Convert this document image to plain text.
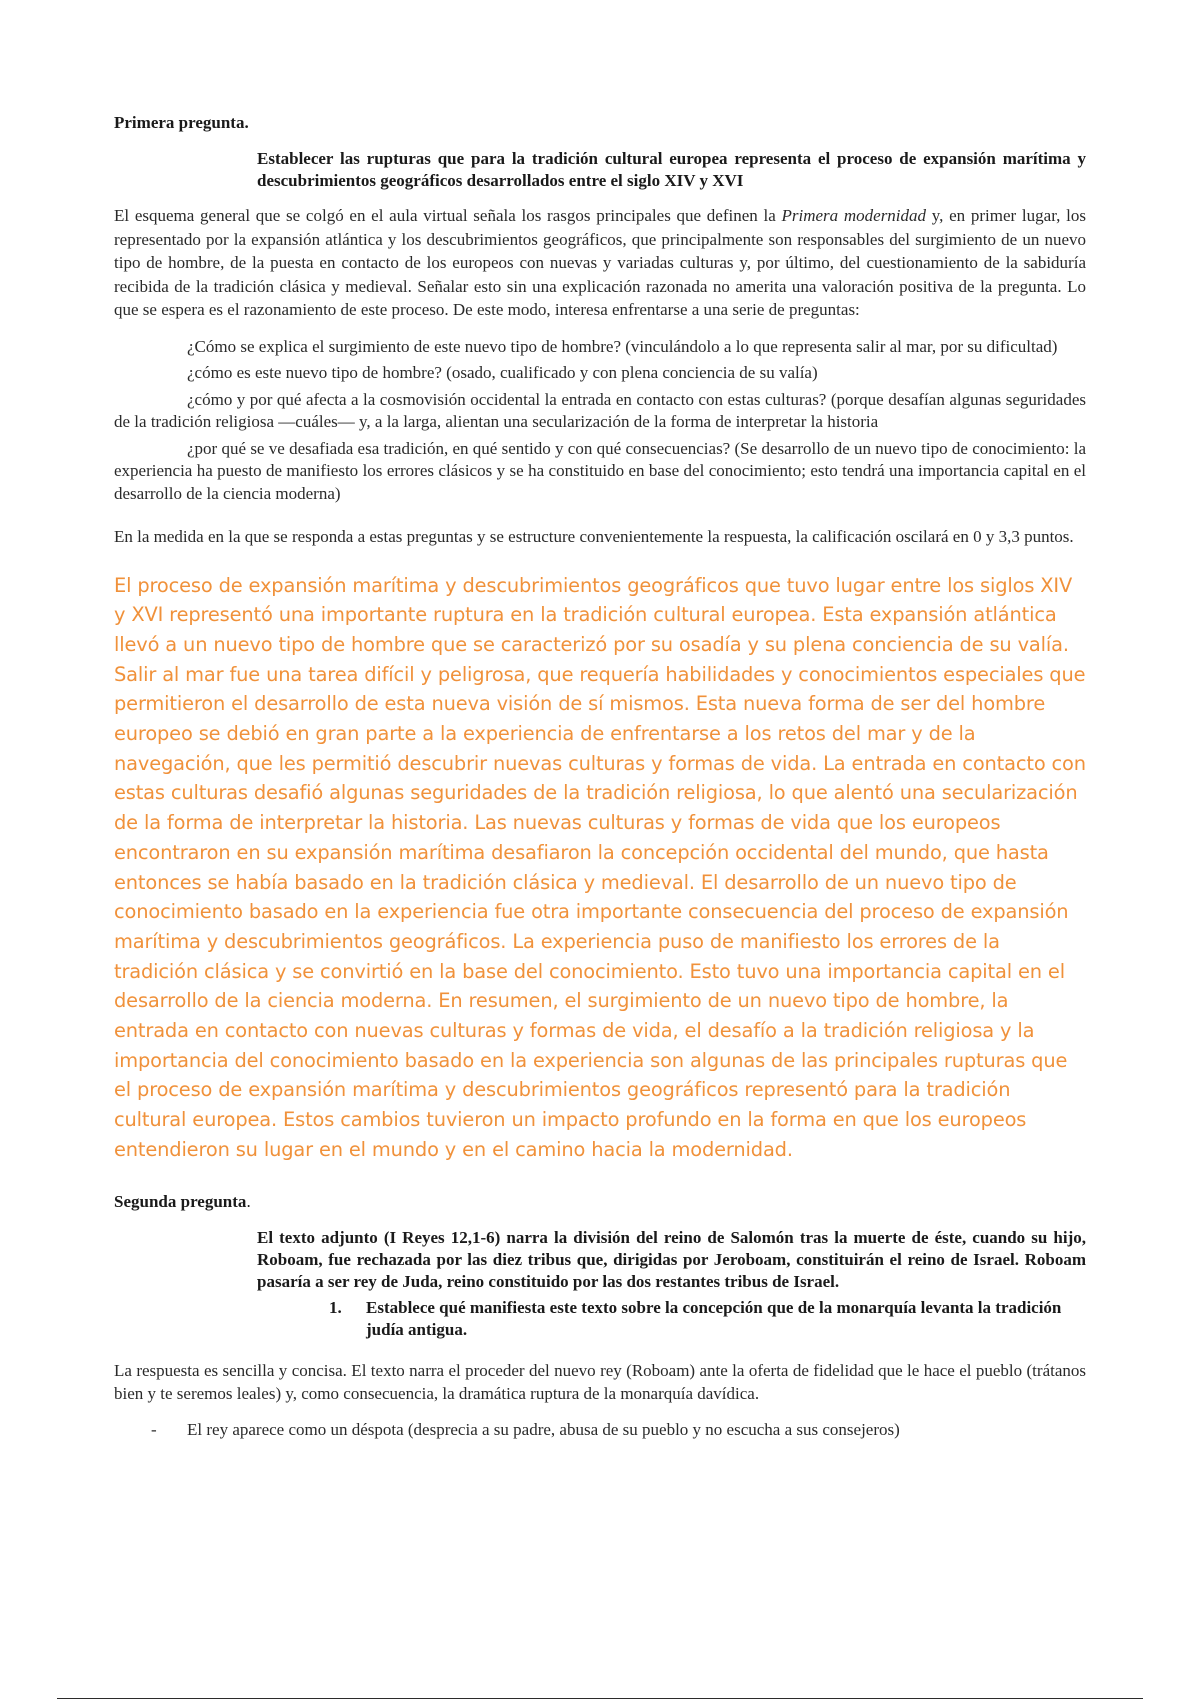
Primera pregunta.

Establecer las rupturas que para la tradición cultural europea representa el proceso de expansión marítima y descubrimientos geográficos desarrollados entre el siglo XIV y XVI

El esquema general que se colgó en el aula virtual señala los rasgos principales que definen la Primera modernidad y, en primer lugar, los representado por la expansión atlántica y los descubrimientos geográficos, que principalmente son responsables del surgimiento de un nuevo tipo de hombre, de la puesta en contacto de los europeos con nuevas y variadas culturas y, por último, del cuestionamiento de la sabiduría recibida de la tradición clásica y medieval. Señalar esto sin una explicación razonada no amerita una valoración positiva de la pregunta. Lo que se espera es el razonamiento de este proceso. De este modo, interesa enfrentarse a una serie de preguntas:

¿Cómo se explica el surgimiento de este nuevo tipo de hombre? (vinculándolo a lo que representa salir al mar, por su dificultad)

¿cómo es este nuevo tipo de hombre? (osado, cualificado y con plena conciencia de su valía)

¿cómo y por qué afecta a la cosmovisión occidental la entrada en contacto con estas culturas? (porque desafían algunas seguridades de la tradición religiosa —cuáles— y, a la larga, alientan una secularización de la forma de interpretar la historia

¿por qué se ve desafiada esa tradición, en qué sentido y con qué consecuencias? (Se desarrollo de un nuevo tipo de conocimiento: la experiencia ha puesto de manifiesto los errores clásicos y se ha constituido en base del conocimiento; esto tendrá una importancia capital en el desarrollo de la ciencia moderna)

En la medida en la que se responda a estas preguntas y se estructure convenientemente la respuesta, la calificación oscilará en 0 y 3,3 puntos.

El proceso de expansión marítima y descubrimientos geográficos que tuvo lugar entre los siglos XIV y XVI representó una importante ruptura en la tradición cultural europea. Esta expansión atlántica llevó a un nuevo tipo de hombre que se caracterizó por su osadía y su plena conciencia de su valía. Salir al mar fue una tarea difícil y peligrosa, que requería habilidades y conocimientos especiales que permitieron el desarrollo de esta nueva visión de sí mismos. Esta nueva forma de ser del hombre europeo se debió en gran parte a la experiencia de enfrentarse a los retos del mar y de la navegación, que les permitió descubrir nuevas culturas y formas de vida. La entrada en contacto con estas culturas desafió algunas seguridades de la tradición religiosa, lo que alentó una secularización de la forma de interpretar la historia. Las nuevas culturas y formas de vida que los europeos encontraron en su expansión marítima desafiaron la concepción occidental del mundo, que hasta entonces se había basado en la tradición clásica y medieval. El desarrollo de un nuevo tipo de conocimiento basado en la experiencia fue otra importante consecuencia del proceso de expansión marítima y descubrimientos geográficos. La experiencia puso de manifiesto los errores de la tradición clásica y se convirtió en la base del conocimiento. Esto tuvo una importancia capital en el desarrollo de la ciencia moderna. En resumen, el surgimiento de un nuevo tipo de hombre, la entrada en contacto con nuevas culturas y formas de vida, el desafío a la tradición religiosa y la importancia del conocimiento basado en la experiencia son algunas de las principales rupturas que el proceso de expansión marítima y descubrimientos geográficos representó para la tradición cultural europea. Estos cambios tuvieron un impacto profundo en la forma en que los europeos entendieron su lugar en el mundo y en el camino hacia la modernidad.

Segunda pregunta.

El texto adjunto (I Reyes 12,1-6) narra la división del reino de Salomón tras la muerte de éste, cuando su hijo, Roboam, fue rechazada por las diez tribus que, dirigidas por Jeroboam, constituirán el reino de Israel. Roboam pasaría a ser rey de Juda, reino constituido por las dos restantes tribus de Israel.

1. Establece qué manifiesta este texto sobre la concepción que de la monarquía levanta la tradición judía antigua.

La respuesta es sencilla y concisa. El texto narra el proceder del nuevo rey (Roboam) ante la oferta de fidelidad que le hace el pueblo (trátanos bien y te seremos leales) y, como consecuencia, la dramática ruptura de la monarquía davídica.

- El rey aparece como un déspota (desprecia a su padre, abusa de su pueblo y no escucha a sus consejeros)
